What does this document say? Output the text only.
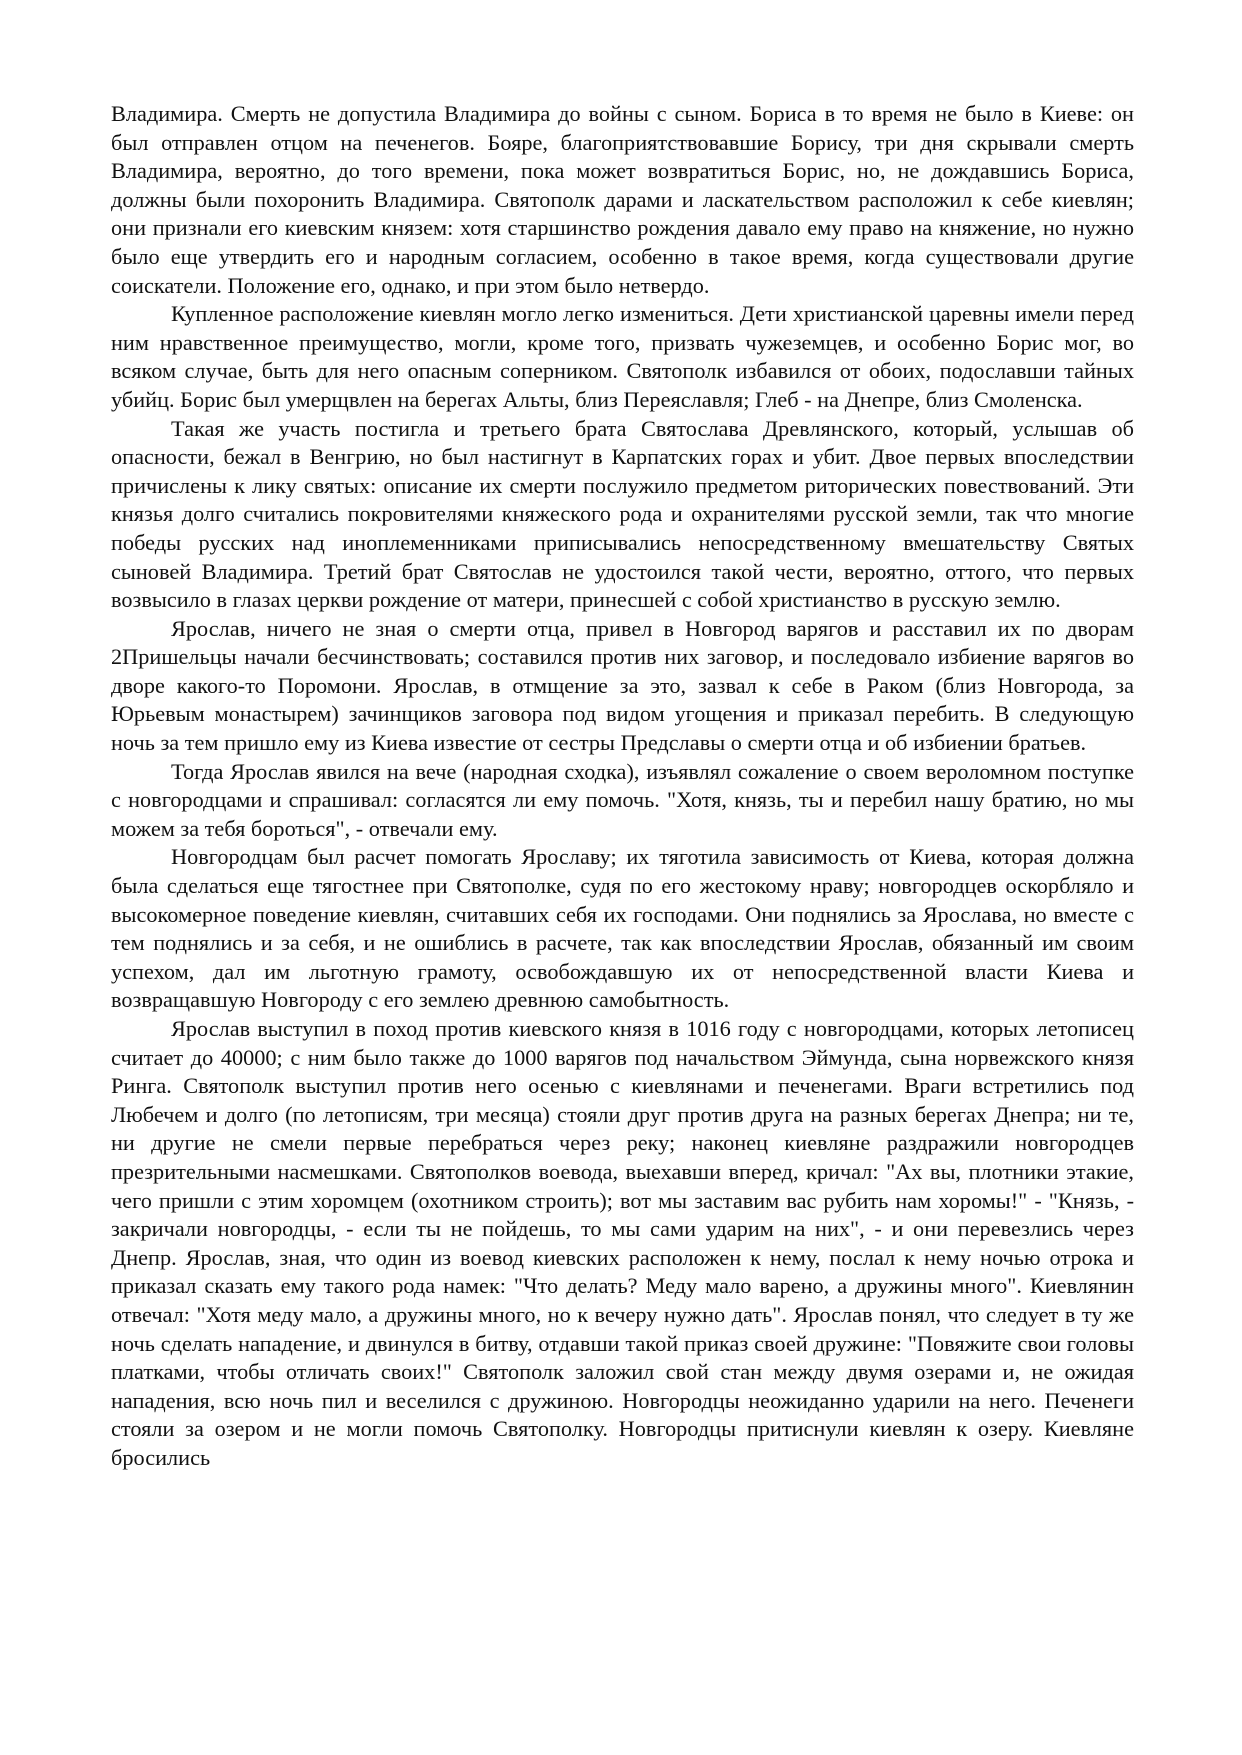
Владимира. Смерть не допустила Владимира до войны с сыном. Бориса в то время не было в Киеве: он был отправлен отцом на печенегов. Бояре, благоприятствовавшие Борису, три дня скрывали смерть Владимира, вероятно, до того времени, пока может возвратиться Борис, но, не дождавшись Бориса, должны были похоронить Владимира. Святополк дарами и ласкательством расположил к себе киевлян; они признали его киевским князем: хотя старшинство рождения давало ему право на княжение, но нужно было еще утвердить его и народным согласием, особенно в такое время, когда существовали другие соискатели. Положение его, однако, и при этом было нетвердо.

Купленное расположение киевлян могло легко измениться. Дети христианской царевны имели перед ним нравственное преимущество, могли, кроме того, призвать чужеземцев, и особенно Борис мог, во всяком случае, быть для него опасным соперником. Святополк избавился от обоих, подославши тайных убийц. Борис был умерщвлен на берегах Альты, близ Переяславля; Глеб - на Днепре, близ Смоленска.

Такая же участь постигла и третьего брата Святослава Древлянского, который, услышав об опасности, бежал в Венгрию, но был настигнут в Карпатских горах и убит. Двое первых впоследствии причислены к лику святых: описание их смерти послужило предметом риторических повествований. Эти князья долго считались покровителями княжеского рода и охранителями русской земли, так что многие победы русских над иноплеменниками приписывались непосредственному вмешательству Святых сыновей Владимира. Третий брат Святослав не удостоился такой чести, вероятно, оттого, что первых возвысило в глазах церкви рождение от матери, принесшей с собой христианство в русскую землю.

Ярослав, ничего не зная о смерти отца, привел в Новгород варягов и расставил их по дворам 2Пришельцы начали бесчинствовать; составился против них заговор, и последовало избиение варягов во дворе какого-то Поромони. Ярослав, в отмщение за это, зазвал к себе в Раком (близ Новгорода, за Юрьевым монастырем) зачинщиков заговора под видом угощения и приказал перебить. В следующую ночь за тем пришло ему из Киева известие от сестры Предславы о смерти отца и об избиении братьев.

Тогда Ярослав явился на вече (народная сходка), изъявлял сожаление о своем вероломном поступке с новгородцами и спрашивал: согласятся ли ему помочь. "Хотя, князь, ты и перебил нашу братию, но мы можем за тебя бороться", - отвечали ему.

Новгородцам был расчет помогать Ярославу; их тяготила зависимость от Киева, которая должна была сделаться еще тягостнее при Святополке, судя по его жестокому нраву; новгородцев оскорбляло и высокомерное поведение киевлян, считавших себя их господами. Они поднялись за Ярослава, но вместе с тем поднялись и за себя, и не ошиблись в расчете, так как впоследствии Ярослав, обязанный им своим успехом, дал им льготную грамоту, освобождавшую их от непосредственной власти Киева и возвращавшую Новгороду с его землею древнюю самобытность.

Ярослав выступил в поход против киевского князя в 1016 году с новгородцами, которых летописец считает до 40000; с ним было также до 1000 варягов под начальством Эймунда, сына норвежского князя Ринга. Святополк выступил против него осенью с киевлянами и печенегами. Враги встретились под Любечем и долго (по летописям, три месяца) стояли друг против друга на разных берегах Днепра; ни те, ни другие не смели первые перебраться через реку; наконец киевляне раздражили новгородцев презрительными насмешками. Святополков воевода, выехавши вперед, кричал: "Ах вы, плотники этакие, чего пришли с этим хоромцем (охотником строить); вот мы заставим вас рубить нам хоромы!" - "Князь, - закричали новгородцы, - если ты не пойдешь, то мы сами ударим на них", - и они перевезлись через Днепр. Ярослав, зная, что один из воевод киевских расположен к нему, послал к нему ночью отрока и приказал сказать ему такого рода намек: "Что делать? Меду мало варено, а дружины много". Киевлянин отвечал: "Хотя меду мало, а дружины много, но к вечеру нужно дать". Ярослав понял, что следует в ту же ночь сделать нападение, и двинулся в битву, отдавши такой приказ своей дружине: "Повяжите свои головы платками, чтобы отличать своих!" Святополк заложил свой стан между двумя озерами и, не ожидая нападения, всю ночь пил и веселился с дружиною. Новгородцы неожиданно ударили на него. Печенеги стояли за озером и не могли помочь Святополку. Новгородцы притиснули киевлян к озеру. Киевляне бросились
